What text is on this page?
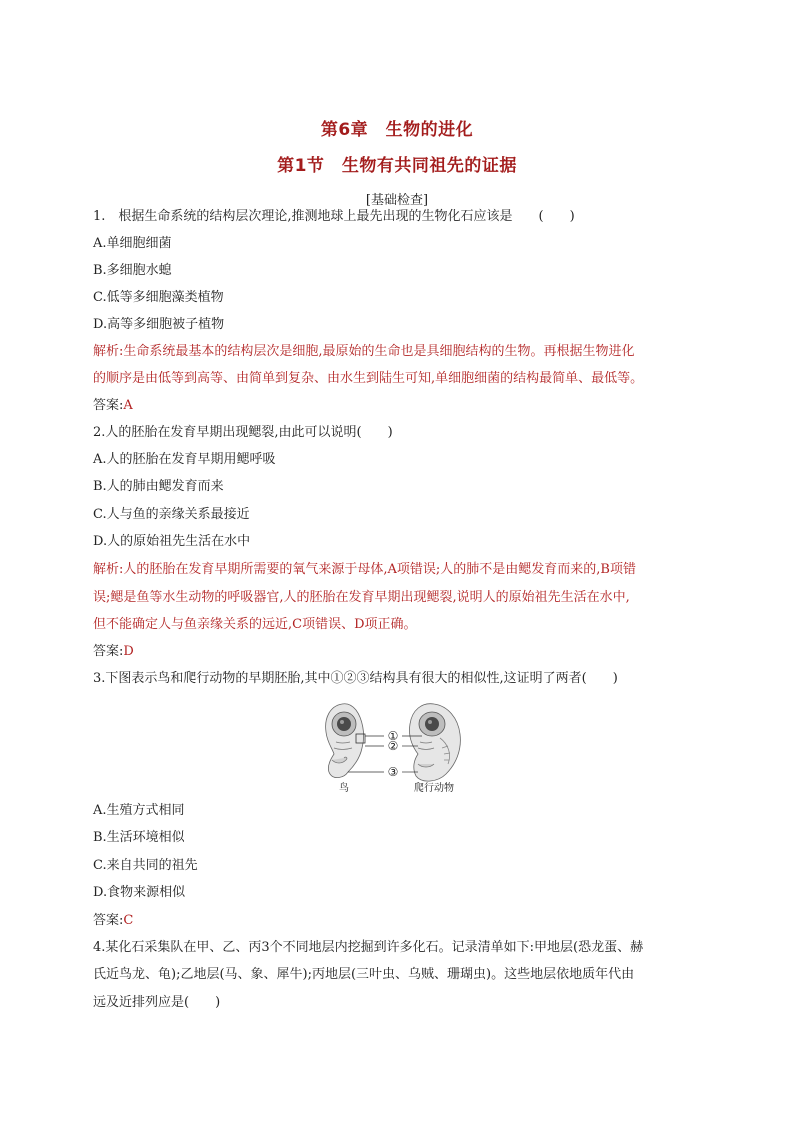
第6章　生物的进化
第1节　生物有共同祖先的证据
[基础检查]
1.　根据生命系统的结构层次理论,推测地球上最先出现的生物化石应该是　　(　　)
A.单细胞细菌
B.多细胞水螅
C.低等多细胞藻类植物
D.高等多细胞被子植物
解析:生命系统最基本的结构层次是细胞,最原始的生命也是具细胞结构的生物。再根据生物进化
的顺序是由低等到高等、由简单到复杂、由水生到陆生可知,单细胞细菌的结构最简单、最低等。
答案:A
2.人的胚胎在发育早期出现鳃裂,由此可以说明(　　)
A.人的胚胎在发育早期用鳃呼吸
B.人的肺由鳃发育而来
C.人与鱼的亲缘关系最接近
D.人的原始祖先生活在水中
解析:人的胚胎在发育早期所需要的氧气来源于母体,A项错误;人的肺不是由鳃发育而来的,B项错
误;鳃是鱼等水生动物的呼吸器官,人的胚胎在发育早期出现鳃裂,说明人的原始祖先生活在水中,
但不能确定人与鱼亲缘关系的远近,C项错误、D项正确。
答案:D
3.下图表示鸟和爬行动物的早期胚胎,其中①②③结构具有很大的相似性,这证明了两者(　　)
①
②
③
鸟	爬行动物
A.生殖方式相同
B.生活环境相似
C.来自共同的祖先
D.食物来源相似
答案:C
4.某化石采集队在甲、乙、丙3个不同地层内挖掘到许多化石。记录清单如下:甲地层(恐龙蛋、赫
氏近鸟龙、龟);乙地层(马、象、犀牛);丙地层(三叶虫、乌贼、珊瑚虫)。这些地层依地质年代由
远及近排列应是(　　)
